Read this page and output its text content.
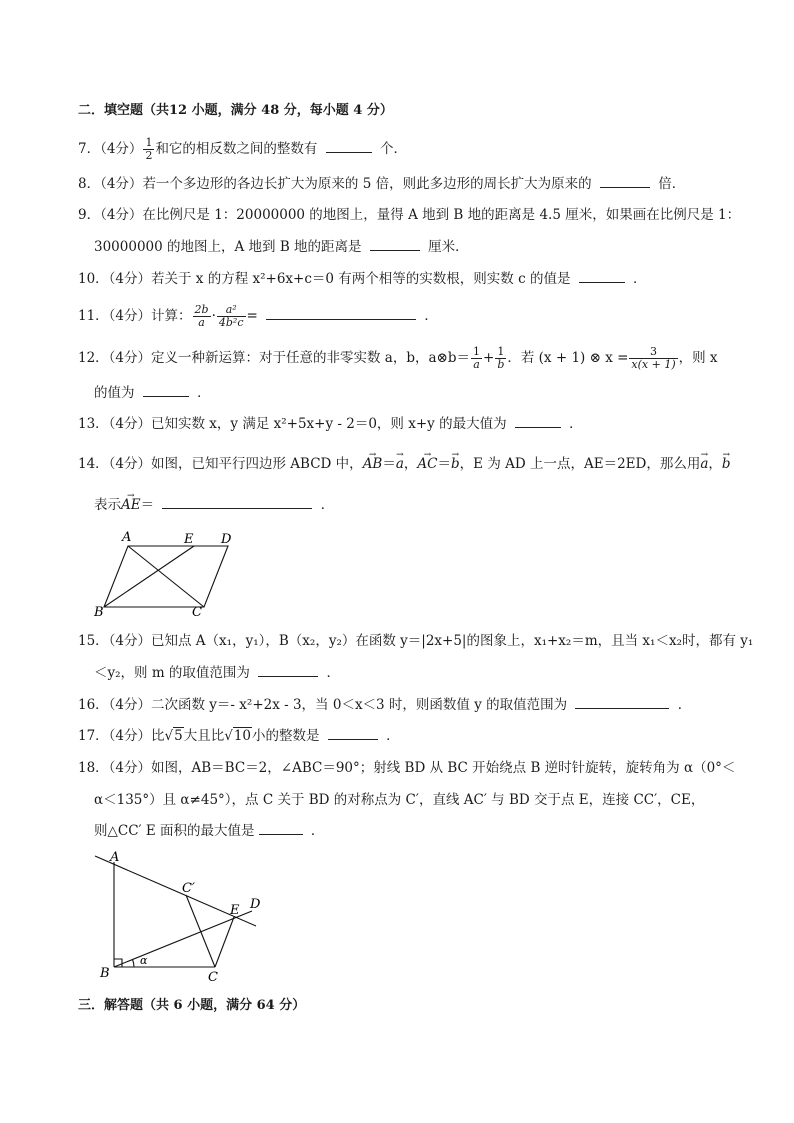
二．填空题（共12 小题，满分 48 分，每小题 4 分）
7．（4分） $\frac{1}{2}$ 和它的相反数之间的整数有	个．
8．（4分）若一个多边形的各边长扩大为原来的 5 倍，则此多边形的周长扩大为原来的	倍．
9．（4分）在比例尺是 1：20000000 的地图上，量得 A 地到 B 地的距离是 4.5 厘米，如果画在比例尺是 1：
30000000 的地图上，A 地到 B 地的距离是	厘米．
10．（4分）若关于 x 的方程 x²+6x+c＝0 有两个相等的实数根，则实数 c 的值是	．
11．（4分）计算： $\frac{2b}{a} \cdot \frac{\text{a²}}{\text{4b²c}}$ =	．
12．（4分）定义一种新运算：对于任意的非零实数 a，b，a⊗b＝ $\frac{1}{a} + \frac{1}{b}$ ．若 (x + 1) ⊗ $x = \frac{3}{x(x + 1)}$ ，则 x
的值为	．
13．（4分）已知实数 x，y 满足 x²+5x+y - 2＝0，则 x+y 的最大值为	．
14．（4分）如图，已知平行四边形 ABCD 中，→ AB＝→ a，→ AC＝→ b，E 为 AD 上一点，AE＝2ED，那么用→ a，→ b
表示→ AE＝	．
A	E D
B	C
15．（4分）已知点 A（x₁，y₁），B（x₂，y₂）在函数 y＝|2x+5|的图象上，x₁+x₂＝m，且当 x₁＜x₂时，都有 y₁
＜y₂，则 m 的取值范围为	．
16．（4分）二次函数 y＝- x²+2x - 3，当 0＜x＜3 时，则函数值 y 的取值范围为	．
17．（4分）比√5大且比√10小的整数是	．
18．（4分）如图，AB＝BC＝2，∠ABC＝90°；射线 BD 从 BC 开始绕点 B 逆时针旋转，旋转角为 α（0°＜
α＜135°）且 α≠45°），点 C 关于 BD 的对称点为 C′，直线 AC′ 与 BD 交于点 E，连接 CC′，CE，
则△CC′ E 面积的最大值是	．
A
C′
E D
B	C
α
三．解答题（共 6 小题，满分 64 分）
